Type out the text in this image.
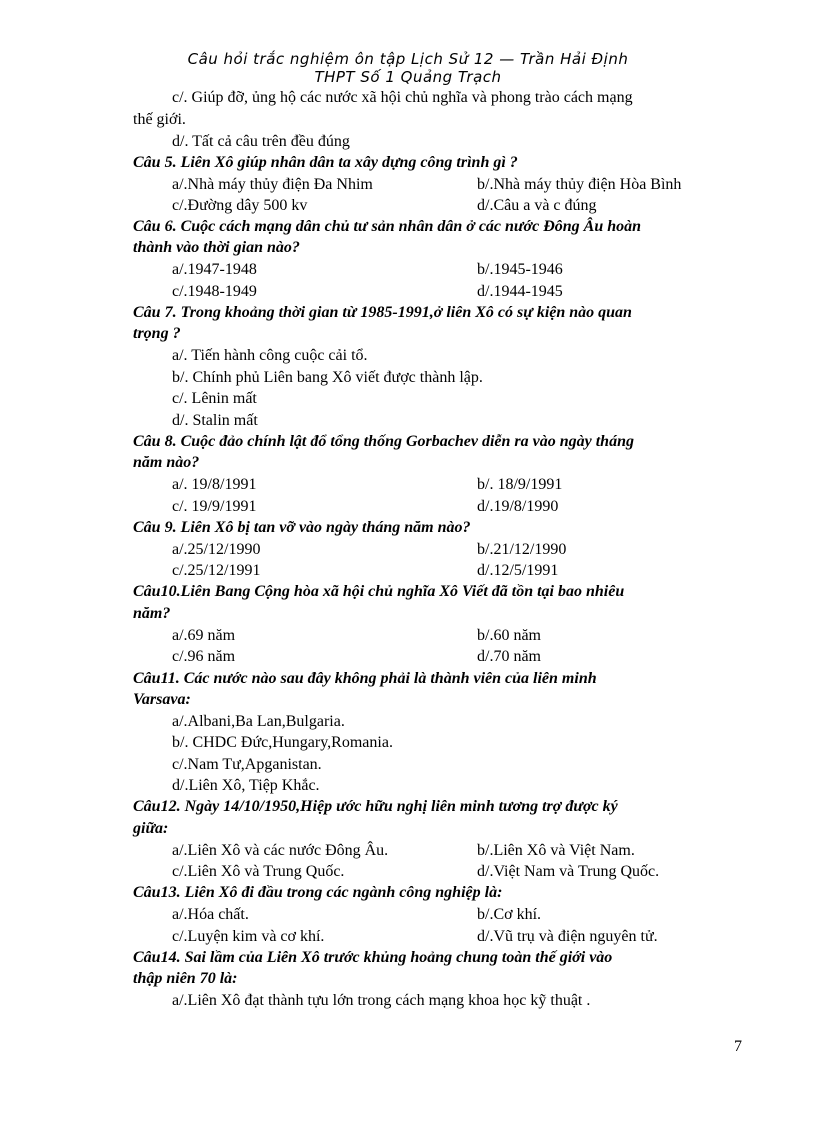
Câu hỏi trắc nghiệm ôn tập Lịch Sử 12 — Trần Hải Định
THPT Số 1 Quảng Trạch
c/. Giúp đỡ, ủng hộ các nước xã hội chủ nghĩa và phong trào cách mạng
thế giới.
d/. Tất cả câu trên đều đúng
Câu 5. Liên Xô giúp nhân dân ta xây dựng công trình gì ?
a/.Nhà máy thủy điện Đa Nhim	b/.Nhà máy thủy điện Hòa Bình
c/.Đường dây 500 kv	d/.Câu a và c đúng
Câu 6. Cuộc cách mạng dân chủ tư sản nhân dân ở các nước Đông Âu hoàn
thành vào thời gian nào?
a/.1947-1948	b/.1945-1946
c/.1948-1949	d/.1944-1945
Câu 7. Trong khoảng thời gian từ 1985-1991,ở liên Xô có sự kiện nào quan
trọng ?
a/. Tiến hành công cuộc cải tổ.
b/. Chính phủ Liên bang Xô viết được thành lập.
c/. Lênin mất
d/. Stalin mất
Câu 8. Cuộc đảo chính lật đổ tổng thống Gorbachev diễn ra vào ngày tháng
năm nào?
a/. 19/8/1991	b/. 18/9/1991
c/. 19/9/1991	d/.19/8/1990
Câu 9. Liên Xô bị tan vỡ vào ngày tháng năm nào?
a/.25/12/1990	b/.21/12/1990
c/.25/12/1991	d/.12/5/1991
Câu10.Liên Bang Cộng hòa xã hội chủ nghĩa Xô Viết đã tồn tại bao nhiêu
năm?
a/.69 năm	b/.60 năm
c/.96 năm	d/.70 năm
Câu11. Các nước nào sau đây không phải là thành viên của liên minh
Varsava:
a/.Albani,Ba Lan,Bulgaria.
b/. CHDC Đức,Hungary,Romania.
c/.Nam Tư,Apganistan.
d/.Liên Xô, Tiệp Khắc.
Câu12. Ngày 14/10/1950,Hiệp ước hữu nghị liên minh tương trợ được ký
giữa:
a/.Liên Xô và các nước Đông Âu.	b/.Liên Xô và Việt Nam.
c/.Liên Xô và Trung Quốc.	d/.Việt Nam và Trung Quốc.
Câu13. Liên Xô đi đầu trong các ngành công nghiệp là:
a/.Hóa chất.	b/.Cơ khí.
c/.Luyện kim và cơ khí.	d/.Vũ trụ và điện nguyên tử.
Câu14. Sai lầm của Liên Xô trước khủng hoảng chung toàn thế giới vào
thập niên 70 là:
a/.Liên Xô đạt thành tựu lớn trong cách mạng khoa học kỹ thuật .
7
